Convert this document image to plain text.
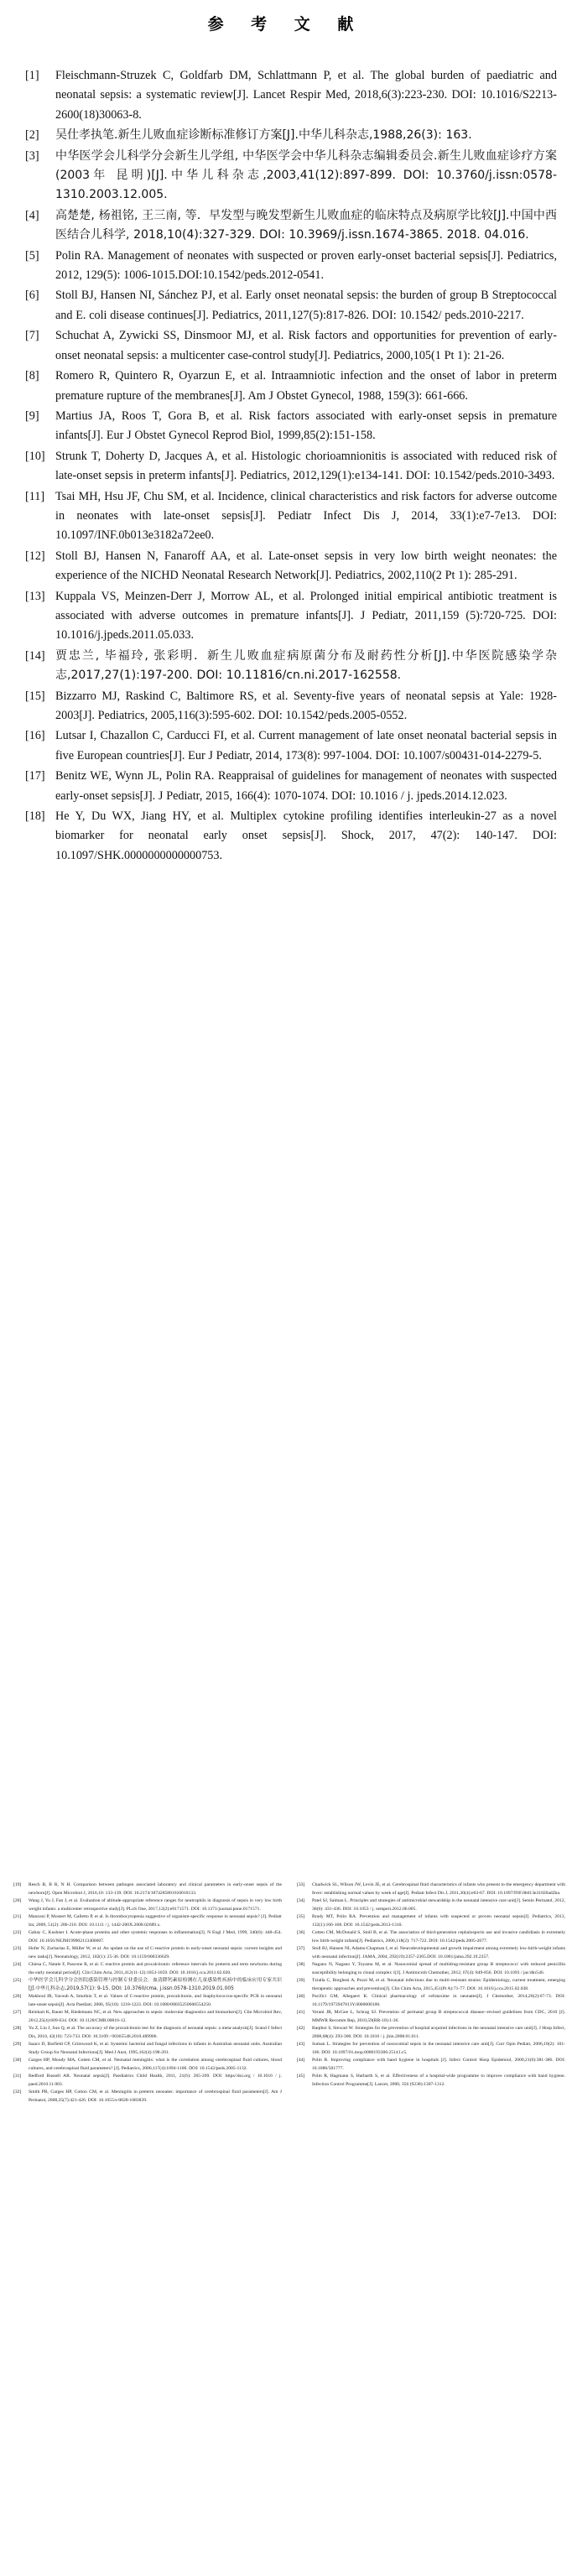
参 考 文 献
[1]	Fleischmann-Struzek C, Goldfarb DM, Schlattmann P, et al. The global burden of paediatric and neonatal sepsis: a systematic review[J]. Lancet Respir Med, 2018,6(3):223-230. DOI: 10.1016/S2213-2600(18)30063-8.
[2]	吴仕孝执笔.新生儿败血症诊断标准修订方案[J].中华儿科杂志,1988,26(3): 163.
[3]	中华医学会儿科学分会新生儿学组, 中华医学会中华儿科杂志编辑委员会.新生儿败血症诊疗方案(2003年 昆明)[J].中华儿科杂志,2003,41(12):897-899. DOI: 10.3760/j.issn:0578-1310.2003.12.005.
[4]	高楚楚, 杨祖铭, 王三南, 等．早发型与晚发型新生儿败血症的临床特点及病原学比较[J].中国中西医结合儿科学, 2018,10(4):327-329. DOI: 10.3969/j.issn.1674-3865. 2018. 04.016.
[5]	Polin RA. Management of neonates with suspected or proven early-onset bacterial sepsis[J]. Pediatrics, 2012, 129(5): 1006-1015.DOI:10.1542/peds.2012-0541.
[6]	Stoll BJ, Hansen NI, Sánchez PJ, et al. Early onset neonatal sepsis: the burden of group B Streptococcal and E. coli disease continues[J]. Pediatrics, 2011,127(5):817-826. DOI: 10.1542/ peds.2010-2217.
[7]	Schuchat A, Zywicki SS, Dinsmoor MJ, et al. Risk factors and opportunities for prevention of early-onset neonatal sepsis: a multicenter case-control study[J]. Pediatrics, 2000,105(1 Pt 1): 21-26.
[8]	Romero R, Quintero R, Oyarzun E, et al. Intraamniotic infection and the onset of labor in preterm premature rupture of the membranes[J]. Am J Obstet Gynecol, 1988, 159(3): 661-666.
[9]	Martius JA, Roos T, Gora B, et al. Risk factors associated with early-onset sepsis in premature infants[J]. Eur J Obstet Gynecol Reprod Biol, 1999,85(2):151-158.
[10] Strunk T, Doherty D, Jacques A, et al. Histologic chorioamnionitis is associated with reduced risk of late-onset sepsis in preterm infants[J]. Pediatrics, 2012,129(1):e134-141. DOI: 10.1542/peds.2010-3493.
[11] Tsai MH, Hsu JF, Chu SM, et al. Incidence, clinical characteristics and risk factors for adverse outcome in neonates with late-onset sepsis[J]. Pediatr Infect Dis J, 2014, 33(1):e7-7e13. DOI: 10.1097/INF.0b013e3182a72ee0.
[12] Stoll BJ, Hansen N, Fanaroff AA, et al. Late-onset sepsis in very low birth weight neonates: the experience of the NICHD Neonatal Research Network[J]. Pediatrics, 2002,110(2 Pt 1): 285-291.
[13] Kuppala VS, Meinzen-Derr J, Morrow AL, et al. Prolonged initial empirical antibiotic treatment is associated with adverse outcomes in premature infants[J]. J Pediatr, 2011,159 (5):720-725. DOI: 10.1016/j.jpeds.2011.05.033.
[14] 贾忠兰, 毕福玲, 张彩明．新生儿败血症病原菌分布及耐药性分析[J].中华医院感染学杂志,2017,27(1):197-200. DOI: 10.11816/cn.ni.2017-162558.
[15] Bizzarro MJ, Raskind C, Baltimore RS, et al. Seventy-five years of neonatal sepsis at Yale: 1928-2003[J]. Pediatrics, 2005,116(3):595-602. DOI: 10.1542/peds.2005-0552.
[16] Lutsar I, Chazallon C, Carducci FI, et al. Current management of late onset neonatal bacterial sepsis in five European countries[J]. Eur J Pediatr, 2014, 173(8): 997-1004. DOI: 10.1007/s00431-014-2279-5.
[17] Benitz WE, Wynn JL, Polin RA. Reappraisal of guidelines for management of neonates with suspected early-onset sepsis[J]. J Pediatr, 2015, 166(4): 1070-1074. DOI: 10.1016 / j. jpeds.2014.12.023.
[18] He Y, Du WX, Jiang HY, et al. Multiplex cytokine profiling identifies interleukin-27 as a novel biomarker for neonatal early onset sepsis[J]. Shock, 2017, 47(2): 140-147. DOI: 10.1097/SHK.0000000000000753.
[19]	Resch B, B R, N H. Comparison between pathogen associated laboratory and clinical parameters in early-onset sepsis of the newborn[J]. Open Microbiol J, 2016,10: 133-139. DOI: 10.2174/1874285801610010133.
[20]	Wang J, Yu J, Fan J, et al. Evaluation of altitude-appropriate reference ranges for neutrophils in diagnosis of sepsis in very low birth weight infants: a multicenter retrospective study[J]. PLoS One, 2017,12(2):e0171571. DOI: 10.1371/journal.pone.0171571.
[21]	Manzoni P, Mostert M, Galletto P, et al. Is thrombocytopenia suggestive of organism-specific response in neonatal sepsis? [J]. Pediatr Int, 2009, 51(2): 206-210. DOI: 10.1111 / j. 1442-200X.2008.02689.x.
[22]	Gabay C, Kushner I. Acute-phase proteins and other systemic responses to inflammation[J]. N Engl J Med, 1999, 340(6): 448-454. DOI: 10.1056/NEJM199902113400607.
[23]	Hofer N, Zacharias E, Müller W, et al. An update on the use of C-reactive protein in early-onset neonatal sepsis: current insights and new tasks[J]. Neonatology, 2012, 102(1): 25-36. DOI: 10.1159/000336629.
[24]	Chiesa C, Natale F, Pascone R, et al. C reactive protein and procalcitonin: reference intervals for preterm and term newborns during the early neonatal period[J]. Clin Chim Acta, 2011,412(11-12):1053-1059. DOI: 10.1016/j.cca.2011.02.020.
[25]	中华医学会儿科学分会医院感染管理与控制专业委员会．血清降钙素原检测在儿童感染性疾病中的临床应用专家共识 [J].中华儿科杂志,2019,57(1): 9-15. DOI: 10.3760/cma. j.issn.0578-1310.2019.01.005
[26]	Makhoul IR, Yacoub A, Smolkin T, et al. Values of C-reactive protein, procalcitonin, and Staphylococcus-specific PCR in neonatal late-onset sepsis[J]. Acta Paediatr, 2006, 95(10): 1218-1223. DOI: 10.1080/08035250600554250.
[27]	Reinhart K, Bauer M, Riedemann NC, et al. New approaches to sepsis: molecular diagnostics and biomarkers[J]. Clin Microbiol Rev, 2012,25(4):609-634. DOI: 10.1128/CMR.00016-12.
[28]	Yu Z, Liu J, Sun Q, et al. The accuracy of the procalcitonin test for the diagnosis of neonatal sepsis: a meta-analysis[J]. Scand J Infect Dis, 2010, 42(10): 723-733. DOI: 10.3109 / 00365548.2010.489906.
[29]	Isaacs D, Barfield CP, Grimwood K, et al. Systemic bacterial and fungal infections in infants in Australian neonatal units. Australian Study Group for Neonatal Infections[J]. Med J Aust, 1995,162(4):198-201.
[30]	Garges HP, Moody MA, Cotten CM, et al. Neonatal meningitis: what is the correlation among cerebrospinal fluid cultures, blood cultures, and cerebrospinal fluid parameters? [J]. Pediatrics, 2006,117(4):1094-1100. DOI: 10.1542/peds.2005-1132.
[31]	Bedford Russell AR. Neonatal sepsis[J]. Paediatrics Child Health, 2011, 21(6): 265-269. DOI: https//doi.org / 10.1016 / j. paed.2010.11.003.
[32]	Smith PB, Garges HP, Cotton CM, et al. Meningitis in preterm neonates: importance of cerebrospinal fluid parameters[J]. Am J Perinatol, 2008,25(7):421-426. DOI: 10.1055/s-0028-1083839.
[33]	Chadwick SL, Wilson JW, Levin JE, et al. Cerebrospinal fluid characteristics of infants who present to the emergency department with fever: establishing normal values by week of age[J]. Pediatr Infect Dis J, 2011,30(4):e63-67. DOI: 10.1097/INF.0b013e31820ad2ba.
[34]	Patel SJ, Saiman L. Principles and strategies of antimicrobial stewardship in the neonatal intensive care unit[J]. Semin Perinatol, 2012, 36(6): 431-436. DOI: 10.1053 / j. semperi.2012.06.005.
[35]	Brady MT, Polin RA. Prevention and management of infants with suspected or proven neonatal sepsis[J]. Pediatrics, 2013, 132(1):166-168. DOI: 10.1542/peds.2013-1310.
[36]	Cotten CM, McDonald S, Stoll B, et al. The association of third-generation cephalosporin use and invasive candidiasis in extremely low birth-weight infants[J]. Pediatrics, 2006,118(2): 717-722. DOI: 10.1542/peds.2005-2677.
[37]	Stoll BJ, Hansen NI, Adams-Chapman I, et al. Neurodevelopmental and growth impairment among extremely low-birth-weight infants with neonatal infection[J]. JAMA, 2004, 292(19):2357-2365.DOI: 10.1001/jama.292.19.2357.
[38]	Nagano N, Nagano Y, Toyama M, et al. Nosocomial spread of multidrug-resistant group B streptococci with reduced penicillin susceptibility belonging to clonal complex 1[J]. J Antimicrob Chemother, 2012, 67(4): 849-856. DOI: 10.1093 / jac/dkr546.
[39]	Tzialla C, Borghesi A, Pozzi M, et al. Neonatal infections due to multi-resistant strains: Epidemiology, current treatment, emerging therapeutic approaches and prevention[J]. Clin Chim Acta, 2015,451(Pt A):71-77. DOI: 10.1016/j.cca.2015.02.038.
[40]	Pacifici GM, Allegaert K. Clinical pharmacology of cefotaxime in neonates[J]. J Chemother, 2014,26(2):67-73. DOI: 10.1179/1973947813Y.0000000100.
[41]	Verani JR, McGee L, Schrag SJ. Prevention of perinatal group B streptococcal disease--revised guidelines from CDC, 2010 [J]. MMWR Recomm Rep, 2010,59(RR-10):1-36.
[42]	Baqthoi S, Stewart W. Strategies for the prevention of hospital acquired infections in the neonatal intensive care unit[J]. J Hosp Infect, 2008,68(4): 293-300. DOI: 10.1016 / j. jhin.2008.01.011.
[43]	Suman L. Strategies for prevention of nosocomial sepsis in the neonatal intensive care unit[J]. Curr Opin Pediatr, 2006,18(2): 101-106. DOI: 10.1097/01.mop.0000193300.25141.c5.
[44]	Polin R. Improving compliance with hand hygiene in hospitals [J]. Infect Control Hosp Epidemiol, 2000,21(6):381-386. DOI: 10.1086/501777.
[45]	Polin R, Hagmann S, Harbarth S, et al. Effectiveness of a hospital-wide programme to improve compliance with hand hygiene. Infection Control Programme[J]. Lancet, 2000, 356 (9238):1307-1312.
